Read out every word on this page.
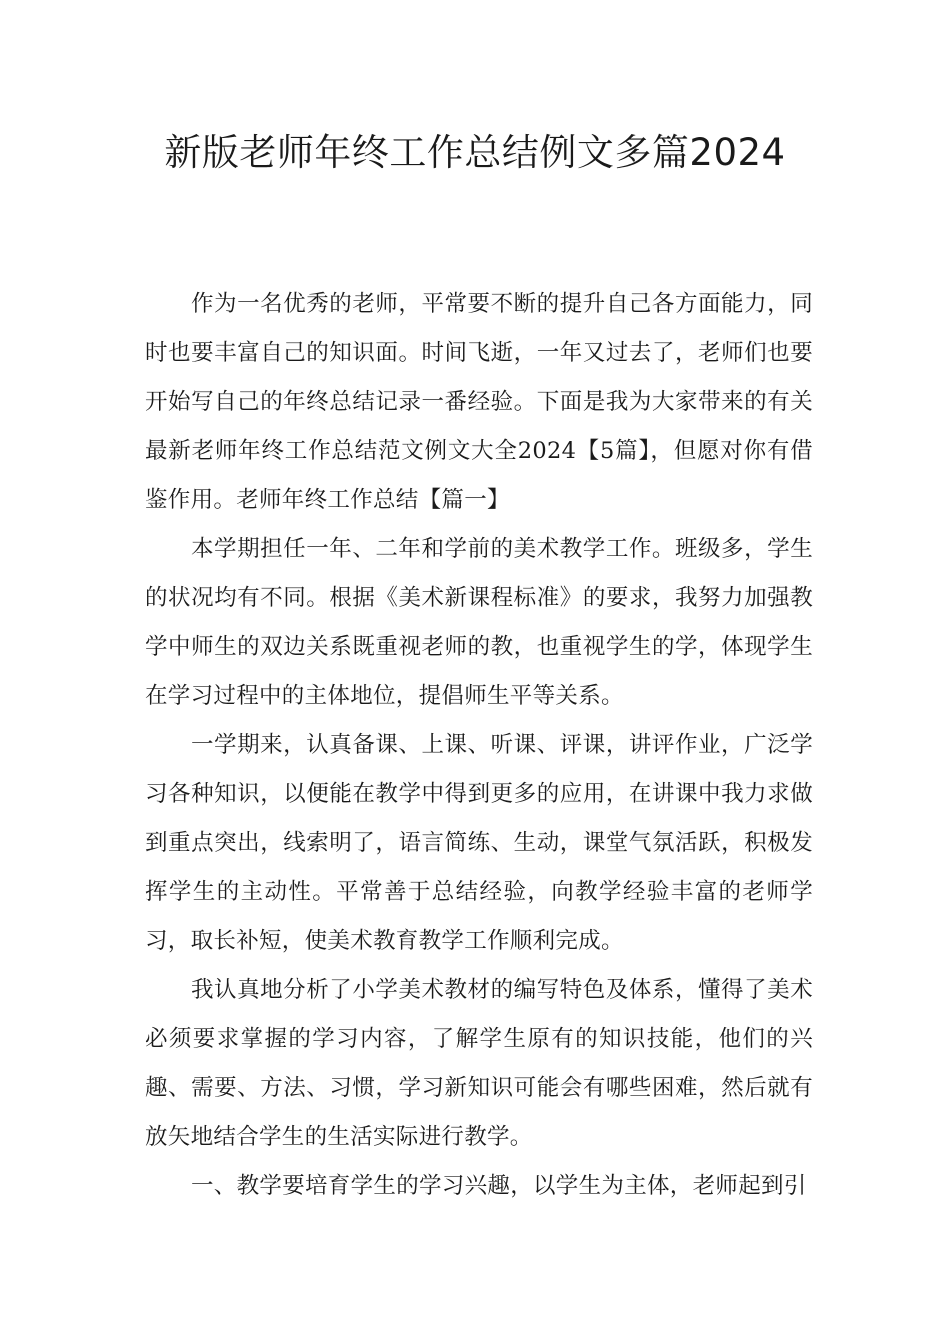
新版老师年终工作总结例文多篇2024

作为一名优秀的老师，平常要不断的提升自己各方面能力，同时也要丰富自己的知识面。时间飞逝，一年又过去了，老师们也要开始写自己的年终总结记录一番经验。下面是我为大家带来的有关最新老师年终工作总结范文例文大全2024【5篇】，但愿对你有借鉴作用。老师年终工作总结【篇一】

本学期担任一年、二年和学前的美术教学工作。班级多，学生的状况均有不同。根据《美术新课程标准》的要求，我努力加强教学中师生的双边关系既重视老师的教，也重视学生的学，体现学生在学习过程中的主体地位，提倡师生平等关系。

一学期来，认真备课、上课、听课、评课，讲评作业，广泛学习各种知识，以便能在教学中得到更多的应用，在讲课中我力求做到重点突出，线索明了，语言简练、生动，课堂气氛活跃，积极发挥学生的主动性。平常善于总结经验，向教学经验丰富的老师学习，取长补短，使美术教育教学工作顺利完成。

我认真地分析了小学美术教材的编写特色及体系，懂得了美术必须要求掌握的学习内容，了解学生原有的知识技能，他们的兴趣、需要、方法、习惯，学习新知识可能会有哪些困难，然后就有放矢地结合学生的生活实际进行教学。

一、教学要培育学生的学习兴趣，以学生为主体，老师起到引
